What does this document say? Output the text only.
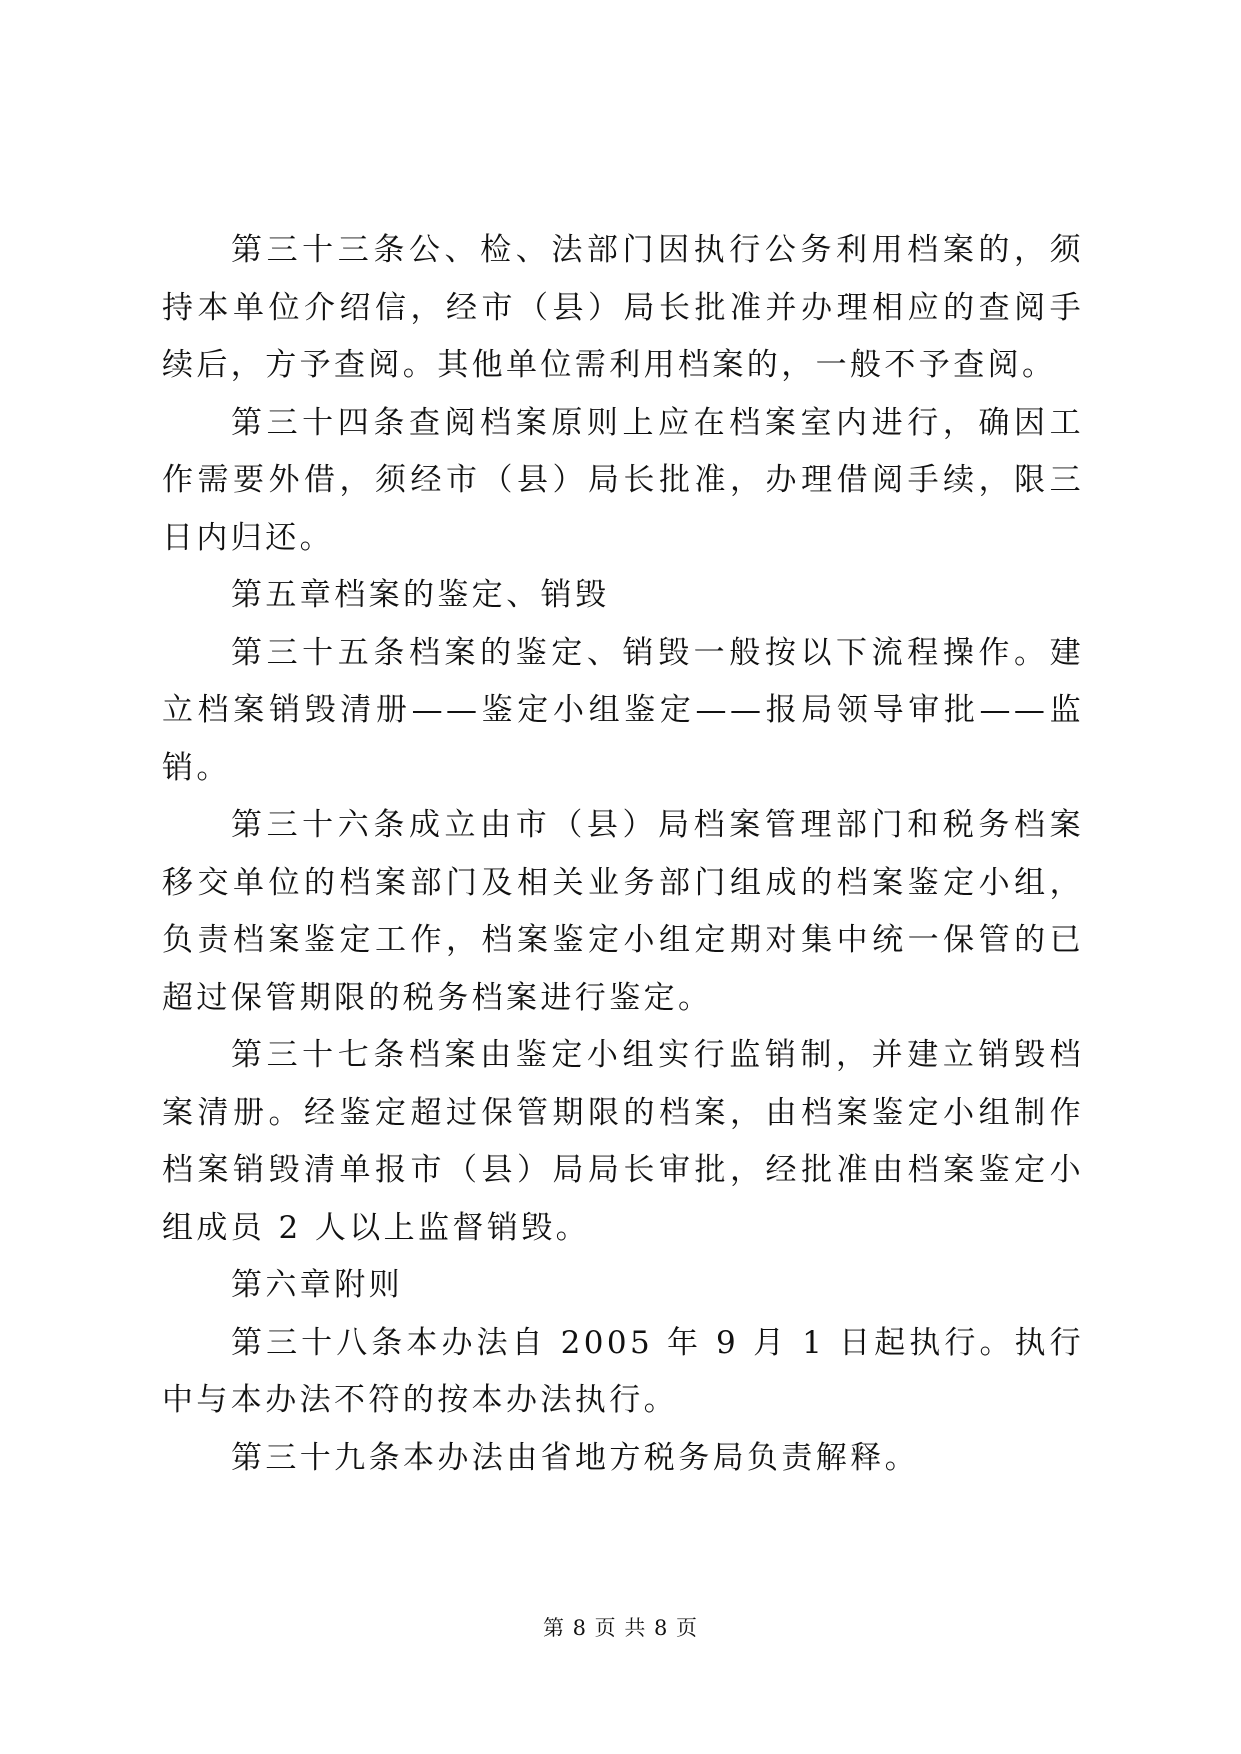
第三十三条公、检、法部门因执行公务利用档案的，须持本单位介绍信，经市（县）局长批准并办理相应的查阅手续后，方予查阅。其他单位需利用档案的，一般不予查阅。

第三十四条查阅档案原则上应在档案室内进行，确因工作需要外借，须经市（县）局长批准，办理借阅手续，限三日内归还。

第五章档案的鉴定、销毁

第三十五条档案的鉴定、销毁一般按以下流程操作。建立档案销毁清册——鉴定小组鉴定——报局领导审批——监销。

第三十六条成立由市（县）局档案管理部门和税务档案移交单位的档案部门及相关业务部门组成的档案鉴定小组，负责档案鉴定工作，档案鉴定小组定期对集中统一保管的已超过保管期限的税务档案进行鉴定。

第三十七条档案由鉴定小组实行监销制，并建立销毁档案清册。经鉴定超过保管期限的档案，由档案鉴定小组制作档案销毁清单报市（县）局局长审批，经批准由档案鉴定小组成员 2 人以上监督销毁。

第六章附则

第三十八条本办法自 2005 年 9 月 1 日起执行。执行中与本办法不符的按本办法执行。

第三十九条本办法由省地方税务局负责解释。

第 8 页 共 8 页
